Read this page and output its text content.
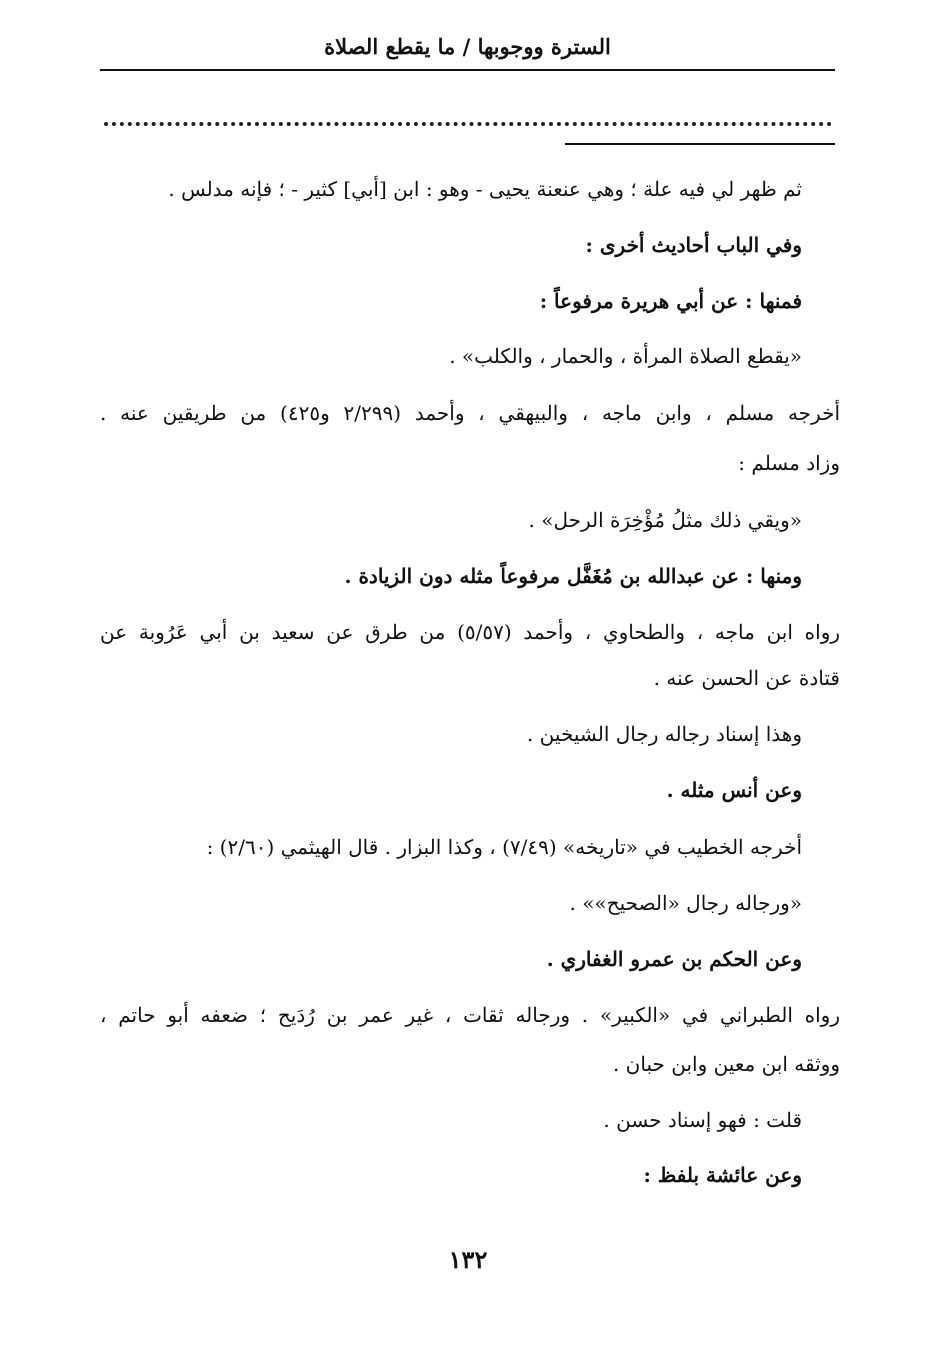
السترة ووجوبها / ما يقطع الصلاة
ثم ظهر لي فيه علة ؛ وهي عنعنة يحيى - وهو : ابن [أبي] كثير - ؛ فإنه مدلس .
وفي الباب أحاديث أخرى :
فمنها : عن أبي هريرة مرفوعاً :
«يقطع الصلاة المرأة ، والحمار ، والكلب» .
أخرجه مسلم ، وابن ماجه ، والبيهقي ، وأحمد (٢/٢٩٩ و٤٢٥) من طريقين عنه .
وزاد مسلم :
«ويقي ذلك مثلُ مُؤْخِرَة الرحل» .
ومنها : عن عبدالله بن مُغَفَّل مرفوعاً مثله دون الزيادة .
رواه ابن ماجه ، والطحاوي ، وأحمد (٥/٥٧) من طرق عن سعيد بن أبي عَرُوبة عن
قتادة عن الحسن عنه .
وهذا إسناد رجاله رجال الشيخين .
وعن أنس مثله .
أخرجه الخطيب في «تاريخه» (٧/٤٩) ، وكذا البزار . قال الهيثمي (٢/٦٠) :
«ورجاله رجال «الصحيح»» .
وعن الحكم بن عمرو الغفاري .
رواه الطبراني في «الكبير» . ورجاله ثقات ، غير عمر بن رُدَيح ؛ ضعفه أبو حاتم ،
ووثقه ابن معين وابن حبان .
قلت : فهو إسناد حسن .
وعن عائشة بلفظ :
١٣٢
